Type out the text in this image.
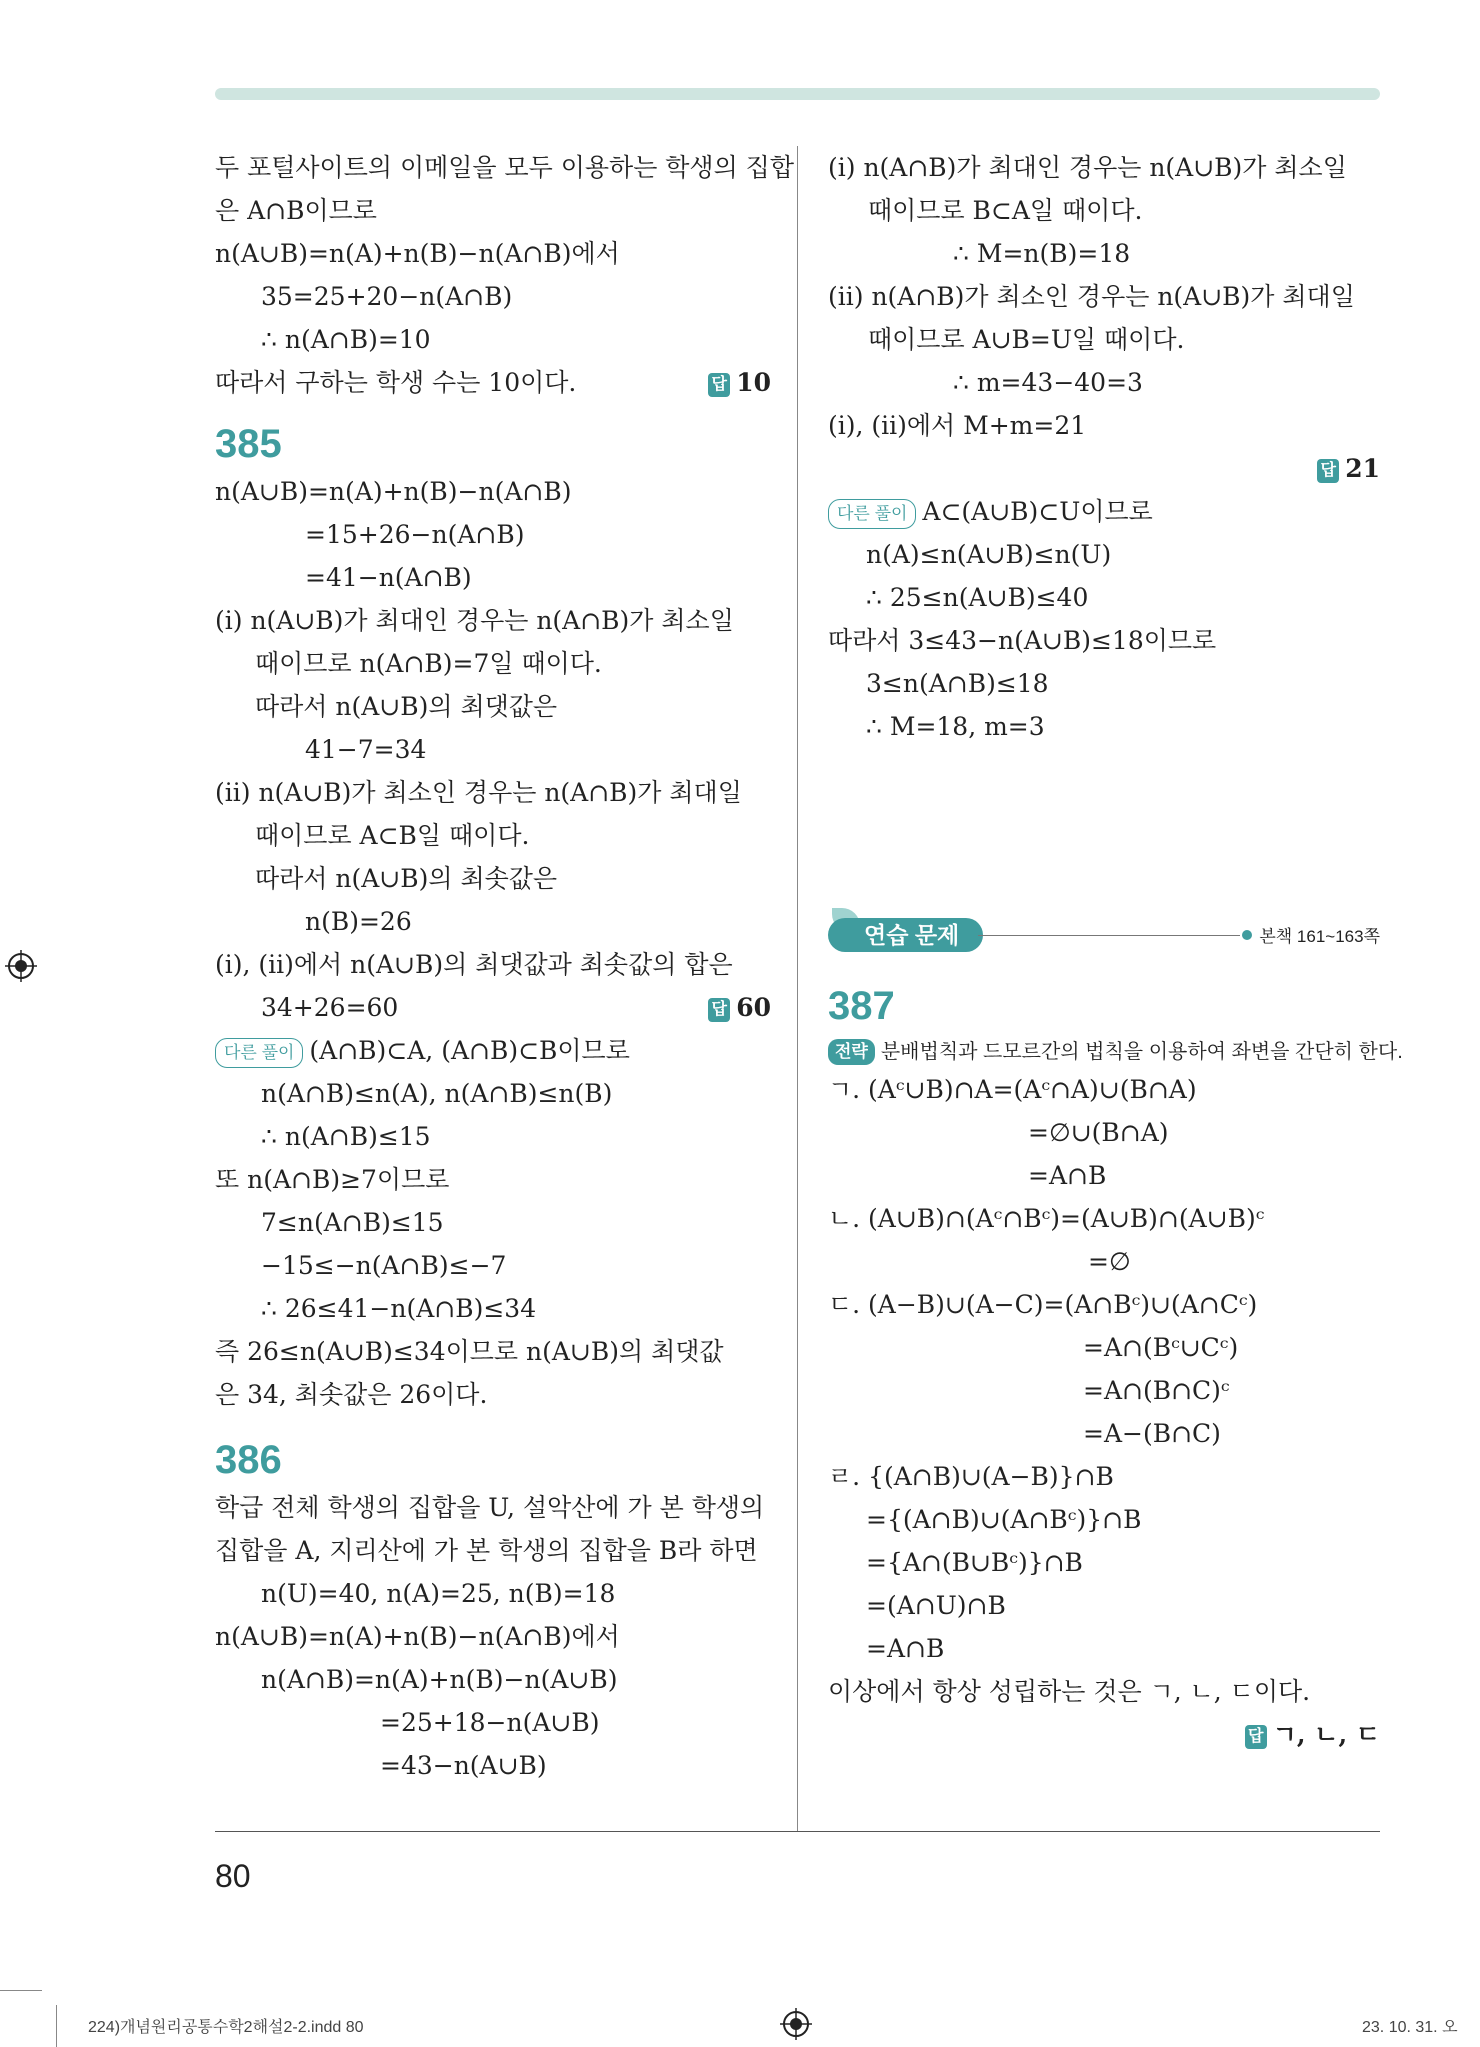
두 포털사이트의 이메일을 모두 이용하는 학생의 집합
은 A∩B이므로
n(A∪B)=n(A)+n(B)−n(A∩B)에서
35=25+20−n(A∩B)
∴ n(A∩B)=10
따라서 구하는 학생 수는 10이다.	답 10
385
n(A∪B)=n(A)+n(B)−n(A∩B)
=15+26−n(A∩B)
=41−n(A∩B)
(ⅰ) n(A∪B)가 최대인 경우는 n(A∩B)가 최소일
때이므로 n(A∩B)=7일 때이다.
따라서 n(A∪B)의 최댓값은
41−7=34
(ⅱ) n(A∪B)가 최소인 경우는 n(A∩B)가 최대일
때이므로 A⊂B일 때이다.
따라서 n(A∪B)의 최솟값은
n(B)=26
(ⅰ), (ⅱ)에서 n(A∪B)의 최댓값과 최솟값의 합은
34+26=60	답 60
다른 풀이 (A∩B)⊂A, (A∩B)⊂B이므로
n(A∩B)≤n(A), n(A∩B)≤n(B)
∴ n(A∩B)≤15
또 n(A∩B)≥7이므로
7≤n(A∩B)≤15
−15≤−n(A∩B)≤−7
∴ 26≤41−n(A∩B)≤34
즉 26≤n(A∪B)≤34이므로 n(A∪B)의 최댓값
은 34, 최솟값은 26이다.
386
학급 전체 학생의 집합을 U, 설악산에 가 본 학생의
집합을 A, 지리산에 가 본 학생의 집합을 B라 하면
n(U)=40, n(A)=25, n(B)=18
n(A∪B)=n(A)+n(B)−n(A∩B)에서
n(A∩B)=n(A)+n(B)−n(A∪B)
=25+18−n(A∪B)
=43−n(A∪B)
(ⅰ) n(A∩B)가 최대인 경우는 n(A∪B)가 최소일
때이므로 B⊂A일 때이다.
∴ M=n(B)=18
(ⅱ) n(A∩B)가 최소인 경우는 n(A∪B)가 최대일
때이므로 A∪B=U일 때이다.
∴ m=43−40=3
(ⅰ), (ⅱ)에서 M+m=21
답 21
다른 풀이 A⊂(A∪B)⊂U이므로
n(A)≤n(A∪B)≤n(U)
∴ 25≤n(A∪B)≤40
따라서 3≤43−n(A∪B)≤18이므로
3≤n(A∩B)≤18
∴ M=18, m=3
연습 문제	본책 161~163쪽
387
전략 분배법칙과 드모르간의 법칙을 이용하여 좌변을 간단히 한다.
ㄱ. (Aᶜ∪B)∩A=(Aᶜ∩A)∪(B∩A)
=∅∪(B∩A)
=A∩B
ㄴ. (A∪B)∩(Aᶜ∩Bᶜ)=(A∪B)∩(A∪B)ᶜ
=∅
ㄷ. (A−B)∪(A−C)=(A∩Bᶜ)∪(A∩Cᶜ)
=A∩(Bᶜ∪Cᶜ)
=A∩(B∩C)ᶜ
=A−(B∩C)
ㄹ. {(A∩B)∪(A−B)}∩B
={(A∩B)∪(A∩Bᶜ)}∩B
={A∩(B∪Bᶜ)}∩B
=(A∩U)∩B
=A∩B
이상에서 항상 성립하는 것은 ㄱ, ㄴ, ㄷ이다.
답 ㄱ, ㄴ, ㄷ
80
224)개념원리공통수학2해설2-2.indd 80	23. 10. 31. 오
